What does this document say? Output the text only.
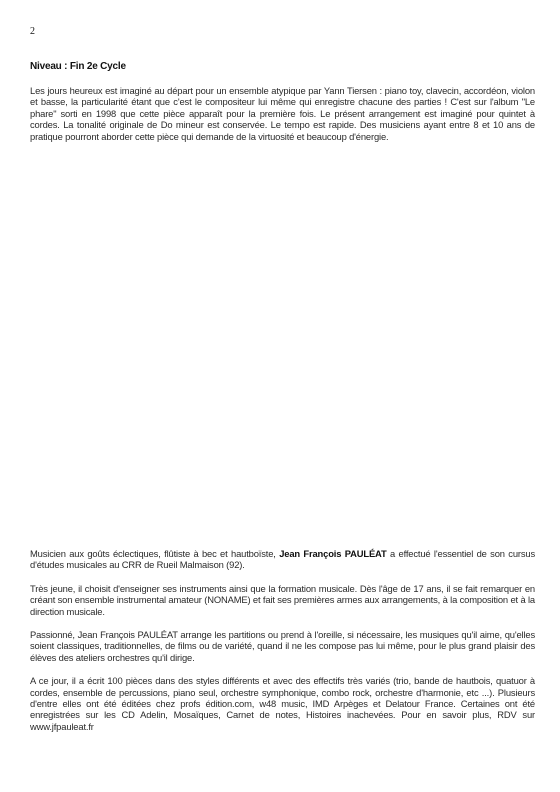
2
Niveau : Fin 2e Cycle

Les jours heureux est imaginé au départ pour un ensemble atypique par Yann Tiersen : piano toy, clavecin, accordéon, violon et basse, la particularité étant que c'est le compositeur lui même qui enregistre chacune des parties ! C'est sur l'album "Le phare" sorti en 1998 que cette pièce apparaît pour la première fois. Le présent arrangement est imaginé pour quintet à cordes. La tonalité originale de Do mineur est conservée. Le tempo est rapide. Des musiciens ayant entre 8 et 10 ans de pratique pourront aborder cette pièce qui demande de la virtuosité et beaucoup d'énergie.

Musicien aux goûts éclectiques, flûtiste à bec et hautboïste, Jean François PAULÉAT a effectué l'essentiel de son cursus d'études musicales au CRR de Rueil Malmaison (92).

Très jeune, il choisit d'enseigner ses instruments ainsi que la formation musicale. Dès l'âge de 17 ans, il se fait remarquer en créant son ensemble instrumental amateur (NONAME) et fait ses premières armes aux arrangements, à la composition et à la direction musicale.

Passionné, Jean François PAULÉAT arrange les partitions ou prend à l'oreille, si nécessaire, les musiques qu'il aime, qu'elles soient classiques, traditionnelles, de films ou de variété, quand il ne les compose pas lui même, pour le plus grand plaisir des élèves des ateliers orchestres qu'il dirige.

A ce jour, il a écrit 100 pièces dans des styles différents et avec des effectifs très variés (trio, bande de hautbois, quatuor à cordes, ensemble de percussions, piano seul, orchestre symphonique, combo rock, orchestre d'harmonie, etc ...). Plusieurs d'entre elles ont été éditées chez profs édition.com, w48 music, IMD Arpèges et Delatour France. Certaines ont été enregistrées sur les CD Adelin, Mosaïques, Carnet de notes, Histoires inachevées. Pour en savoir plus, RDV sur www.jfpauleat.fr
